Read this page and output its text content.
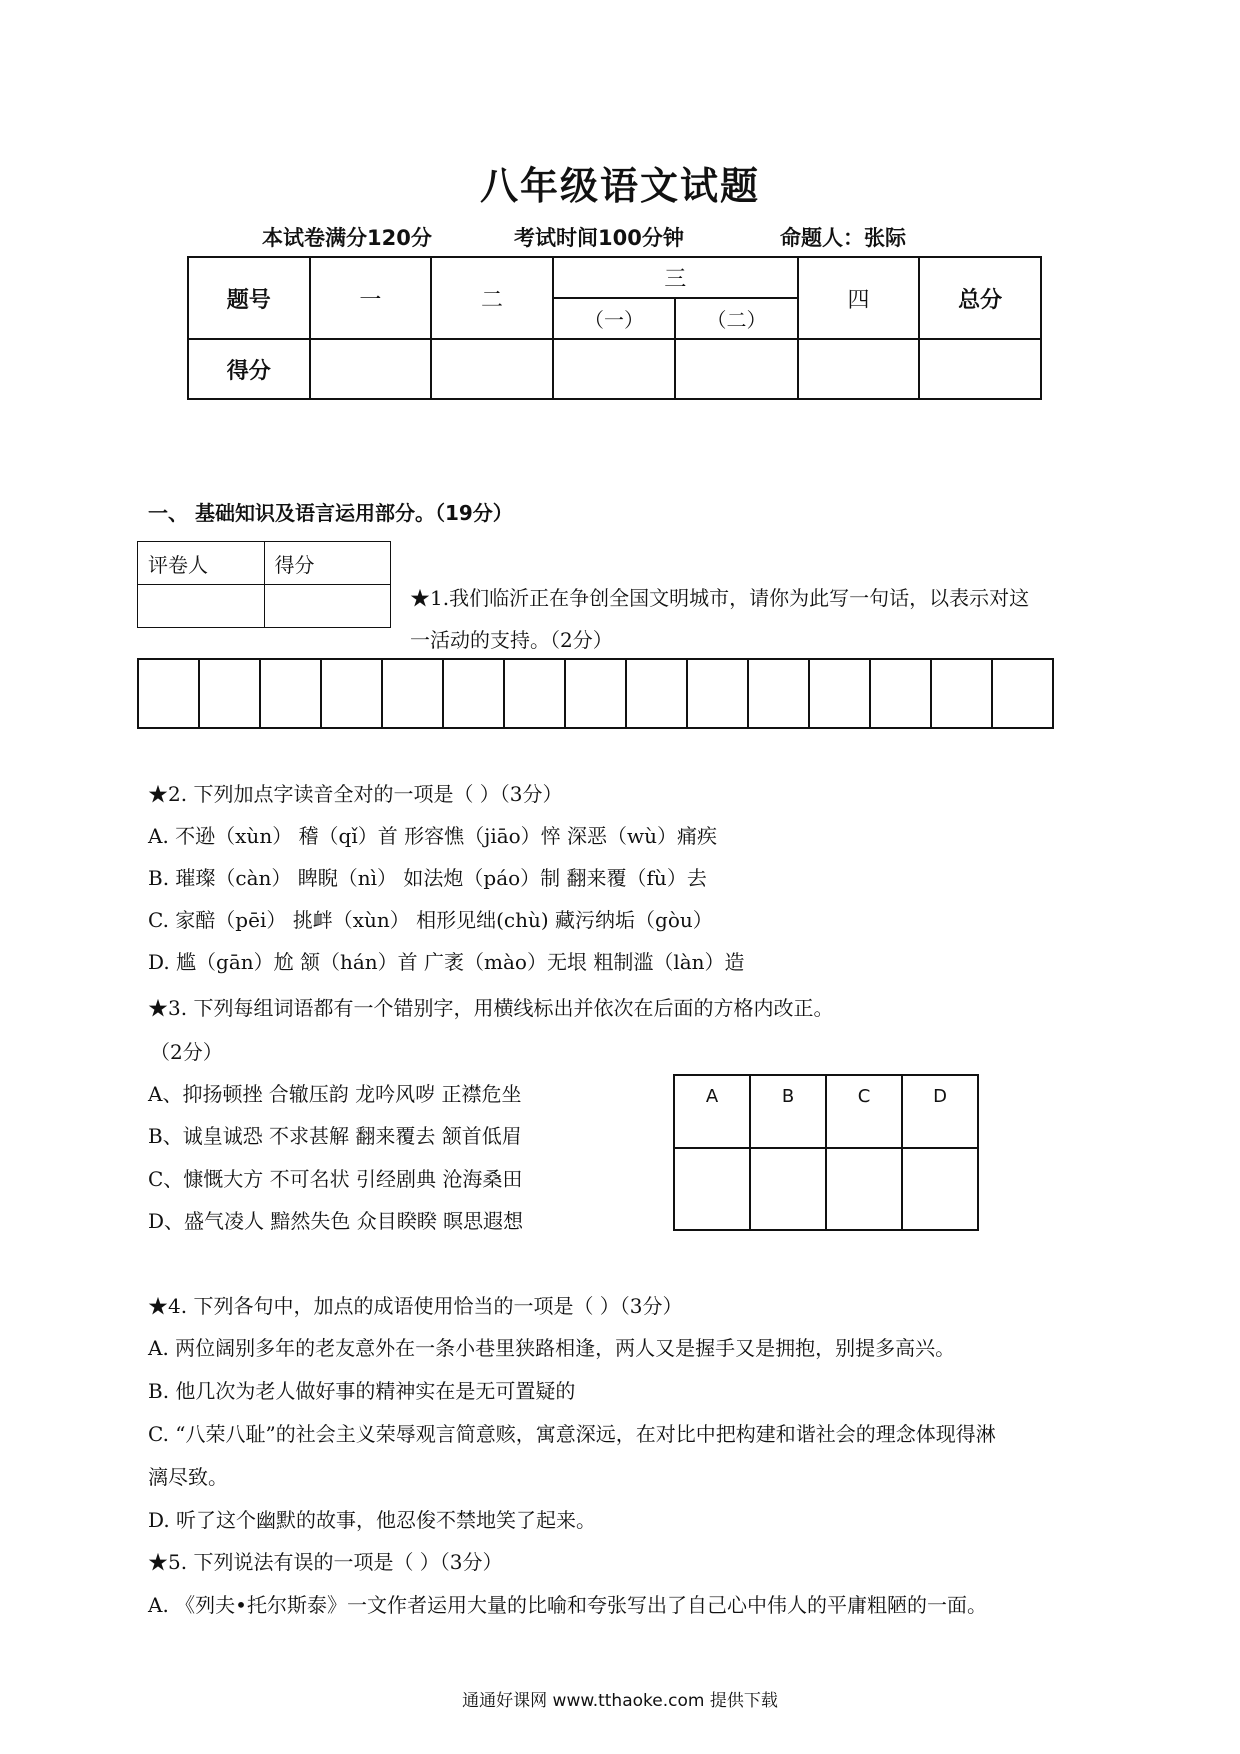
八年级语文试题
本试卷满分120分	考试时间100分钟	命题人：张际
题号	一	二	三		四	总分
			（一）	（二）		
得分						
一、 基础知识及语言运用部分。（19分）
评卷人	得分

★1.我们临沂正在争创全国文明城市，请你为此写一句话，以表示对这
一活动的支持。（2分）
★2. 下列加点字读音全对的一项是（ ）（3分）
A. 不逊（xùn） 稽（qǐ）首 形容憔（jiāo）悴 深恶（wù）痛疾
B. 璀璨（càn） 睥睨（nì） 如法炮（páo）制 翻来覆（fù）去
C. 家醅（pēi） 挑衅（xùn） 相形见绌(chù) 藏污纳垢（gòu）
D. 尴（gān）尬 颔（hán）首 广袤（mào）无垠 粗制滥（làn）造
★3. 下列每组词语都有一个错别字，用横线标出并依次在后面的方格内改正。
（2分）
A、抑扬顿挫 合辙压韵 龙吟风哕 正襟危坐
B、诚皇诚恐 不求甚解 翻来覆去 颔首低眉
C、慷慨大方 不可名状 引经剧典 沧海桑田
D、盛气凌人 黯然失色 众目睽睽 暝思遐想
A	B	C	D

★4. 下列各句中，加点的成语使用恰当的一项是（ ）（3分）
A. 两位阔别多年的老友意外在一条小巷里狭路相逢，两人又是握手又是拥抱，别提多高兴。
B. 他几次为老人做好事的精神实在是无可置疑的
C. “八荣八耻”的社会主义荣辱观言简意赅，寓意深远，在对比中把构建和谐社会的理念体现得淋
漓尽致。
D. 听了这个幽默的故事，他忍俊不禁地笑了起来。
★5. 下列说法有误的一项是（ ）（3分）
A. 《列夫•托尔斯泰》一文作者运用大量的比喻和夸张写出了自己心中伟人的平庸粗陋的一面。
通通好课网 www.tthaoke.com 提供下载
